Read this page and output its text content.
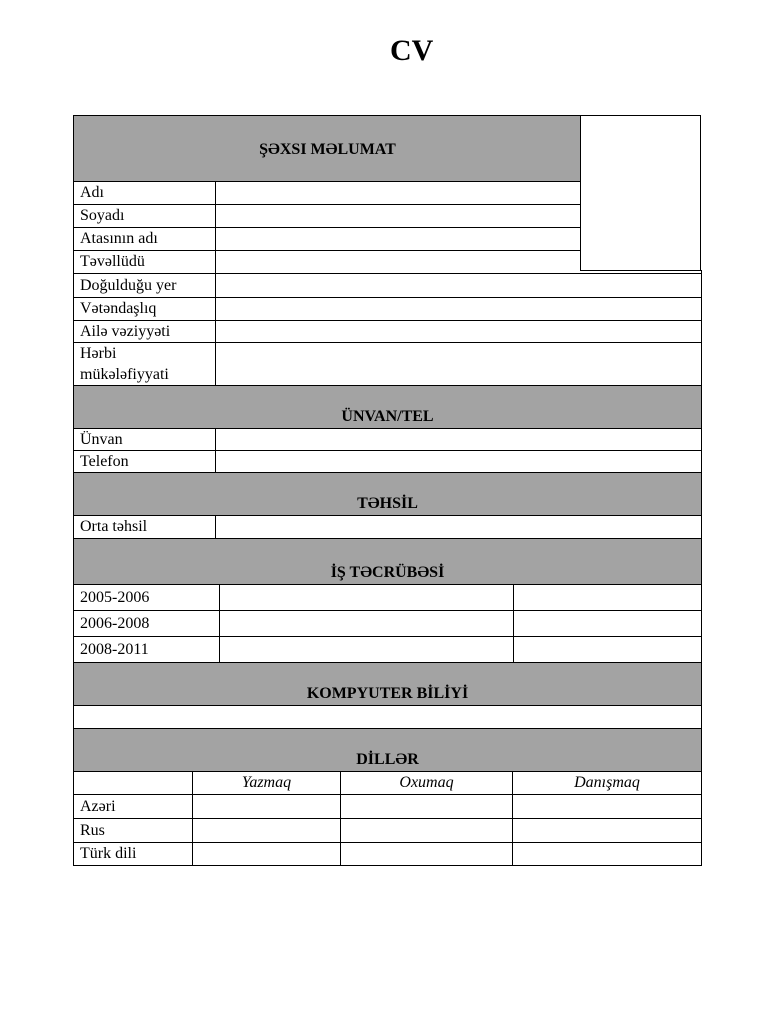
CV
ŞƏXSI MƏLUMAT
Adı
Soyadı
Atasının adı
Təvəllüdü
Doğulduğu yer
Vətəndaşlıq
Ailə vəziyyəti
Hərbi
mükələfiyyati
ÜNVAN/TEL
Ünvan
Telefon
TƏHSİL
Orta təhsil
İŞ TƏCRÜBƏSİ
2005-2006
2006-2008
2008-2011
KOMPYUTER BİLİYİ
DİLLƏR
Yazmaq	Oxumaq	Danışmaq
Azəri
Rus
Türk dili
